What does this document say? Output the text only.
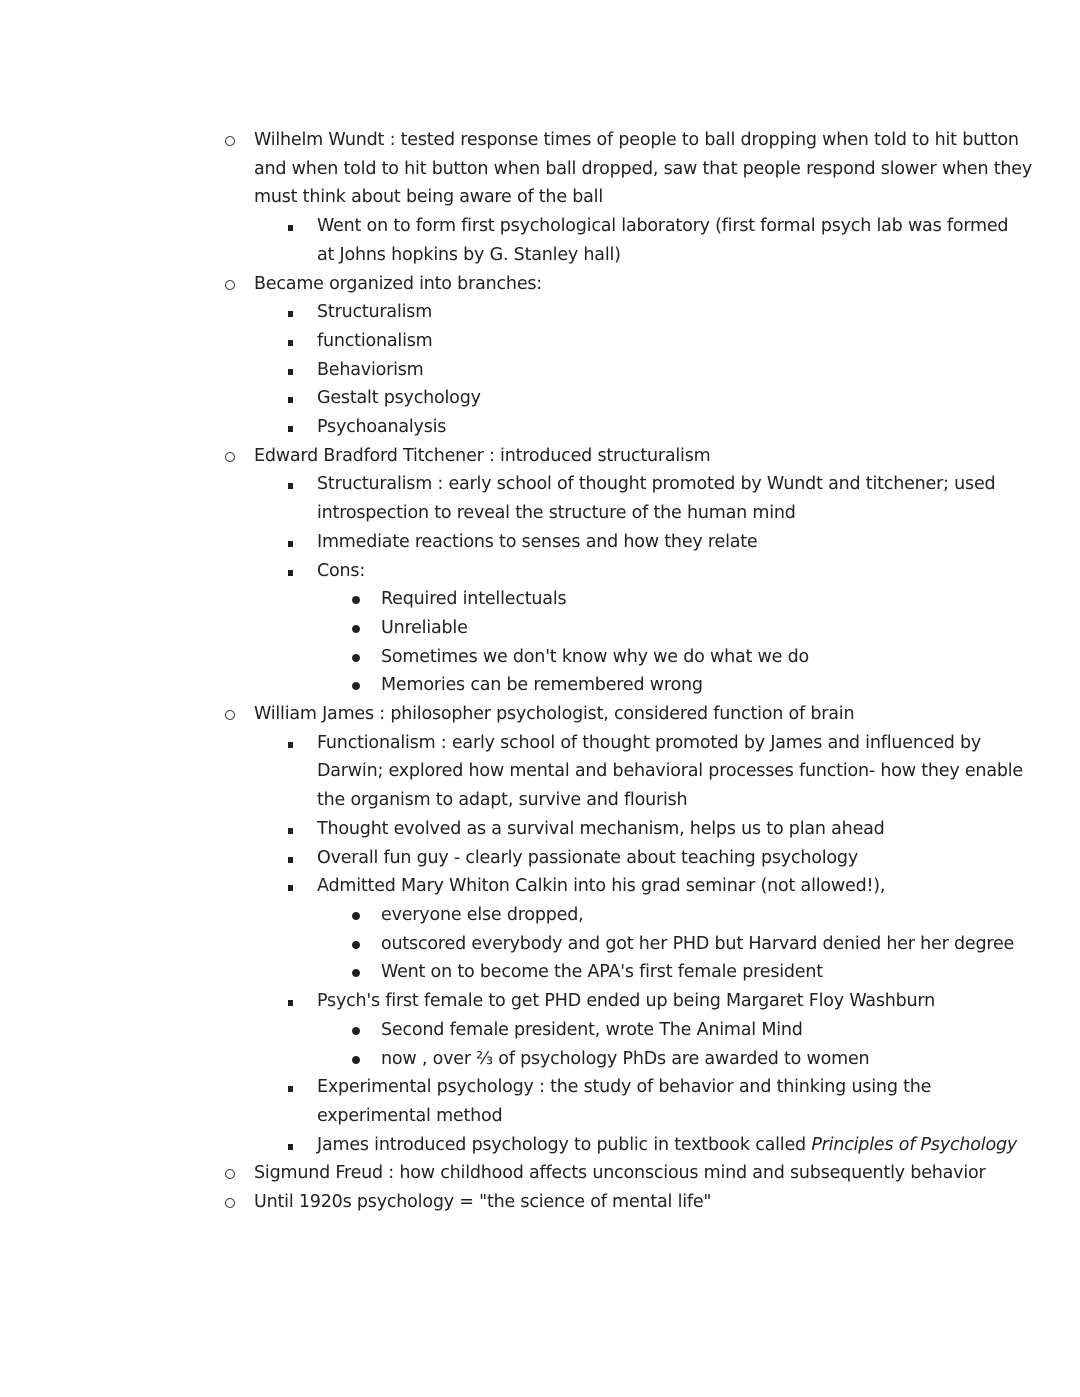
Wilhelm Wundt : tested response times of people to ball dropping when told to hit button
and when told to hit button when ball dropped, saw that people respond slower when they
must think about being aware of the ball
Went on to form first psychological laboratory (first formal psych lab was formed
at Johns hopkins by G. Stanley hall)
Became organized into branches:
Structuralism
functionalism
Behaviorism
Gestalt psychology
Psychoanalysis
Edward Bradford Titchener : introduced structuralism
Structuralism : early school of thought promoted by Wundt and titchener; used
introspection to reveal the structure of the human mind
Immediate reactions to senses and how they relate
Cons:
Required intellectuals
Unreliable
Sometimes we don't know why we do what we do
Memories can be remembered wrong
William James : philosopher psychologist, considered function of brain
Functionalism : early school of thought promoted by James and influenced by
Darwin; explored how mental and behavioral processes function- how they enable
the organism to adapt, survive and flourish
Thought evolved as a survival mechanism, helps us to plan ahead
Overall fun guy - clearly passionate about teaching psychology
Admitted Mary Whiton Calkin into his grad seminar (not allowed!),
everyone else dropped,
outscored everybody and got her PHD but Harvard denied her her degree
Went on to become the APA's first female president
Psych's first female to get PHD ended up being Margaret Floy Washburn
Second female president, wrote The Animal Mind
now , over ⅔ of psychology PhDs are awarded to women
Experimental psychology : the study of behavior and thinking using the
experimental method
James introduced psychology to public in textbook called Principles of Psychology
Sigmund Freud : how childhood affects unconscious mind and subsequently behavior
Until 1920s psychology = "the science of mental life"
